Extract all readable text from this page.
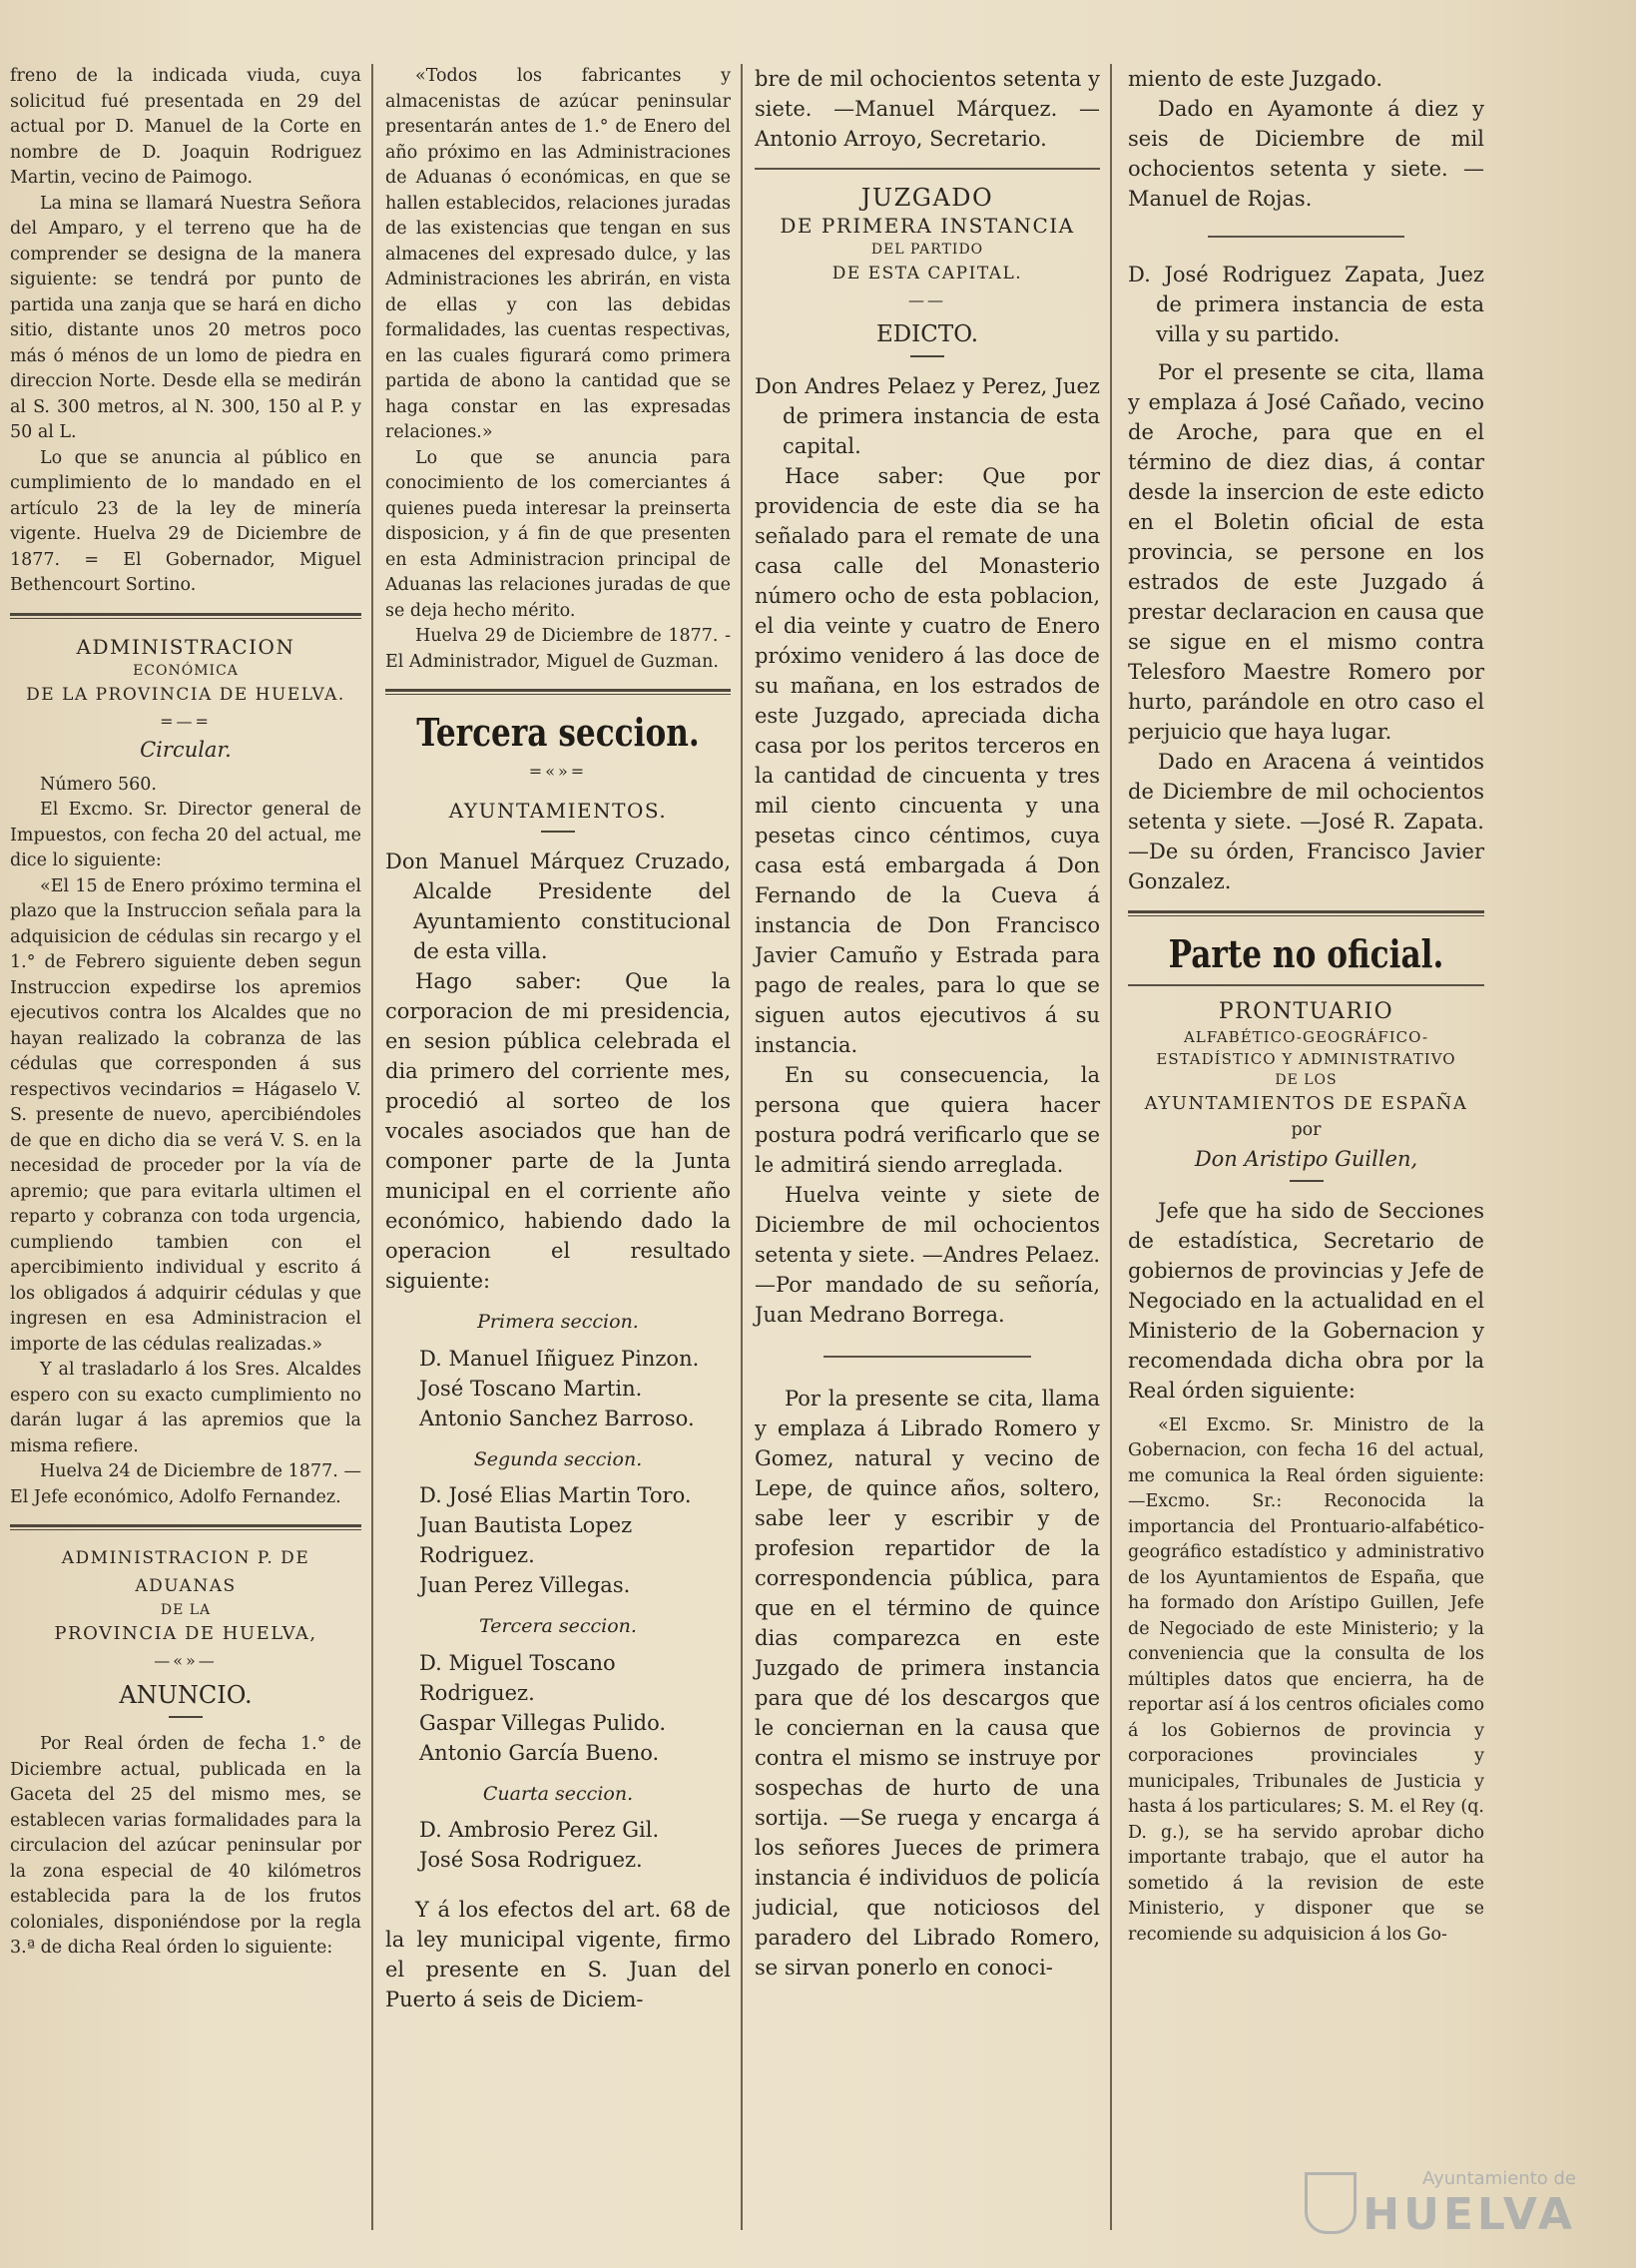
freno de la indicada viuda, cuya solicitud fué presentada en 29 del actual por D. Manuel de la Corte en nombre de D. Joaquin Rodriguez Martin, vecino de Paimogo.

La mina se llamará Nuestra Señora del Amparo, y el terreno que ha de comprender se designa de la manera siguiente: se tendrá por punto de partida una zanja que se hará en dicho sitio, distante unos 20 metros poco más ó ménos de un lomo de piedra en direccion Norte. Desde ella se medirán al S. 300 metros, al N. 300, 150 al P. y 50 al L.

Lo que se anuncia al público en cumplimiento de lo mandado en el artículo 23 de la ley de minería vigente. Huelva 29 de Diciembre de 1877. = El Gobernador, Miguel Bethencourt Sortino.

ADMINISTRACION

ECONÓMICA

DE LA PROVINCIA DE HUELVA.

=—=

Circular.

Número 560.

El Excmo. Sr. Director general de Impuestos, con fecha 20 del actual, me dice lo siguiente:

«El 15 de Enero próximo termina el plazo que la Instruccion señala para la adquisicion de cédulas sin recargo y el 1.° de Febrero siguiente deben segun Instruccion expedirse los apremios ejecutivos contra los Alcaldes que no hayan realizado la cobranza de las cédulas que corresponden á sus respectivos vecindarios = Hágaselo V. S. presente de nuevo, apercibiéndoles de que en dicho dia se verá V. S. en la necesidad de proceder por la vía de apremio; que para evitarla ultimen el reparto y cobranza con toda urgencia, cumpliendo tambien con el apercibimiento individual y escrito á los obligados á adquirir cédulas y que ingresen en esa Administracion el importe de las cédulas realizadas.»

Y al trasladarlo á los Sres. Alcaldes espero con su exacto cumplimiento no darán lugar á las apremios que la misma refiere.

Huelva 24 de Diciembre de 1877. —El Jefe económico, Adolfo Fernandez.

ADMINISTRACION P. DE ADUANAS

DE LA

PROVINCIA DE HUELVA,

—«»—

ANUNCIO.

Por Real órden de fecha 1.° de Diciembre actual, publicada en la Gaceta del 25 del mismo mes, se establecen varias formalidades para la circulacion del azúcar peninsular por la zona especial de 40 kilómetros establecida para la de los frutos coloniales, disponiéndose por la regla 3.ª de dicha Real órden lo siguiente:

«Todos los fabricantes y almacenistas de azúcar peninsular presentarán antes de 1.° de Enero del año próximo en las Administraciones de Aduanas ó económicas, en que se hallen establecidos, relaciones juradas de las existencias que tengan en sus almacenes del expresado dulce, y las Administraciones les abrirán, en vista de ellas y con las debidas formalidades, las cuentas respectivas, en las cuales figurará como primera partida de abono la cantidad que se haga constar en las expresadas relaciones.»

Lo que se anuncia para conocimiento de los comerciantes á quienes pueda interesar la preinserta disposicion, y á fin de que presenten en esta Administracion principal de Aduanas las relaciones juradas de que se deja hecho mérito.

Huelva 29 de Diciembre de 1877. -El Administrador, Miguel de Guzman.

Tercera seccion.

=«»=

AYUNTAMIENTOS.

Don Manuel Márquez Cruzado, Alcalde Presidente del Ayuntamiento constitucional de esta villa.

Hago saber: Que la corporacion de mi presidencia, en sesion pública celebrada el dia primero del corriente mes, procedió al sorteo de los vocales asociados que han de componer parte de la Junta municipal en el corriente año económico, habiendo dado la operacion el resultado siguiente:

Primera seccion.

D. Manuel Iñiguez Pinzon.

José Toscano Martin.

Antonio Sanchez Barroso.

Segunda seccion.

D. José Elias Martin Toro.

Juan Bautista Lopez Rodriguez.

Juan Perez Villegas.

Tercera seccion.

D. Miguel Toscano Rodriguez.

Gaspar Villegas Pulido.

Antonio García Bueno.

Cuarta seccion.

D. Ambrosio Perez Gil.

José Sosa Rodriguez.

Y á los efectos del art. 68 de la ley municipal vigente, firmo el presente en S. Juan del Puerto á seis de Diciem-

bre de mil ochocientos setenta y siete. —Manuel Márquez. —Antonio Arroyo, Secretario.

JUZGADO

DE PRIMERA INSTANCIA

DEL PARTIDO

DE ESTA CAPITAL.

——

EDICTO.

Don Andres Pelaez y Perez, Juez de primera instancia de esta capital.

Hace saber: Que por providencia de este dia se ha señalado para el remate de una casa calle del Monasterio número ocho de esta poblacion, el dia veinte y cuatro de Enero próximo venidero á las doce de su mañana, en los estrados de este Juzgado, apreciada dicha casa por los peritos terceros en la cantidad de cincuenta y tres mil ciento cincuenta y una pesetas cinco céntimos, cuya casa está embargada á Don Fernando de la Cueva á instancia de Don Francisco Javier Camuño y Estrada para pago de reales, para lo que se siguen autos ejecutivos á su instancia.

En su consecuencia, la persona que quiera hacer postura podrá verificarlo que se le admitirá siendo arreglada.

Huelva veinte y siete de Diciembre de mil ochocientos setenta y siete. —Andres Pelaez. —Por mandado de su señoría, Juan Medrano Borrega.

Por la presente se cita, llama y emplaza á Librado Romero y Gomez, natural y vecino de Lepe, de quince años, soltero, sabe leer y escribir y de profesion repartidor de la correspondencia pública, para que en el término de quince dias comparezca en este Juzgado de primera instancia para que dé los descargos que le conciernan en la causa que contra el mismo se instruye por sospechas de hurto de una sortija. —Se ruega y encarga á los señores Jueces de primera instancia é individuos de policía judicial, que noticiosos del paradero del Librado Romero, se sirvan ponerlo en conoci-

miento de este Juzgado.

Dado en Ayamonte á diez y seis de Diciembre de mil ochocientos setenta y siete. —Manuel de Rojas.

D. José Rodriguez Zapata, Juez de primera instancia de esta villa y su partido.

Por el presente se cita, llama y emplaza á José Cañado, vecino de Aroche, para que en el término de diez dias, á contar desde la insercion de este edicto en el Boletin oficial de esta provincia, se persone en los estrados de este Juzgado á prestar declaracion en causa que se sigue en el mismo contra Telesforo Maestre Romero por hurto, parándole en otro caso el perjuicio que haya lugar.

Dado en Aracena á veintidos de Diciembre de mil ochocientos setenta y siete. —José R. Zapata. —De su órden, Francisco Javier Gonzalez.

Parte no oficial.

PRONTUARIO

ALFABÉTICO-GEOGRÁFICO-ESTADÍSTICO Y ADMINISTRATIVO

DE LOS

AYUNTAMIENTOS DE ESPAÑA

por

Don Aristipo Guillen,

Jefe que ha sido de Secciones de estadística, Secretario de gobiernos de provincias y Jefe de Negociado en la actualidad en el Ministerio de la Gobernacion y recomendada dicha obra por la Real órden siguiente:

«El Excmo. Sr. Ministro de la Gobernacion, con fecha 16 del actual, me comunica la Real órden siguiente: —Excmo. Sr.: Reconocida la importancia del Prontuario-alfabético-geográfico estadístico y administrativo de los Ayuntamientos de España, que ha formado don Arístipo Guillen, Jefe de Negociado de este Ministerio; y la conveniencia que la consulta de los múltiples datos que encierra, ha de reportar así á los centros oficiales como á los Gobiernos de provincia y corporaciones provinciales y municipales, Tribunales de Justicia y hasta á los particulares; S. M. el Rey (q. D. g.), se ha servido aprobar dicho importante trabajo, que el autor ha sometido á la revision de este Ministerio, y disponer que se recomiende su adquisicion á los Go-

Ayuntamiento de
HUELVA
